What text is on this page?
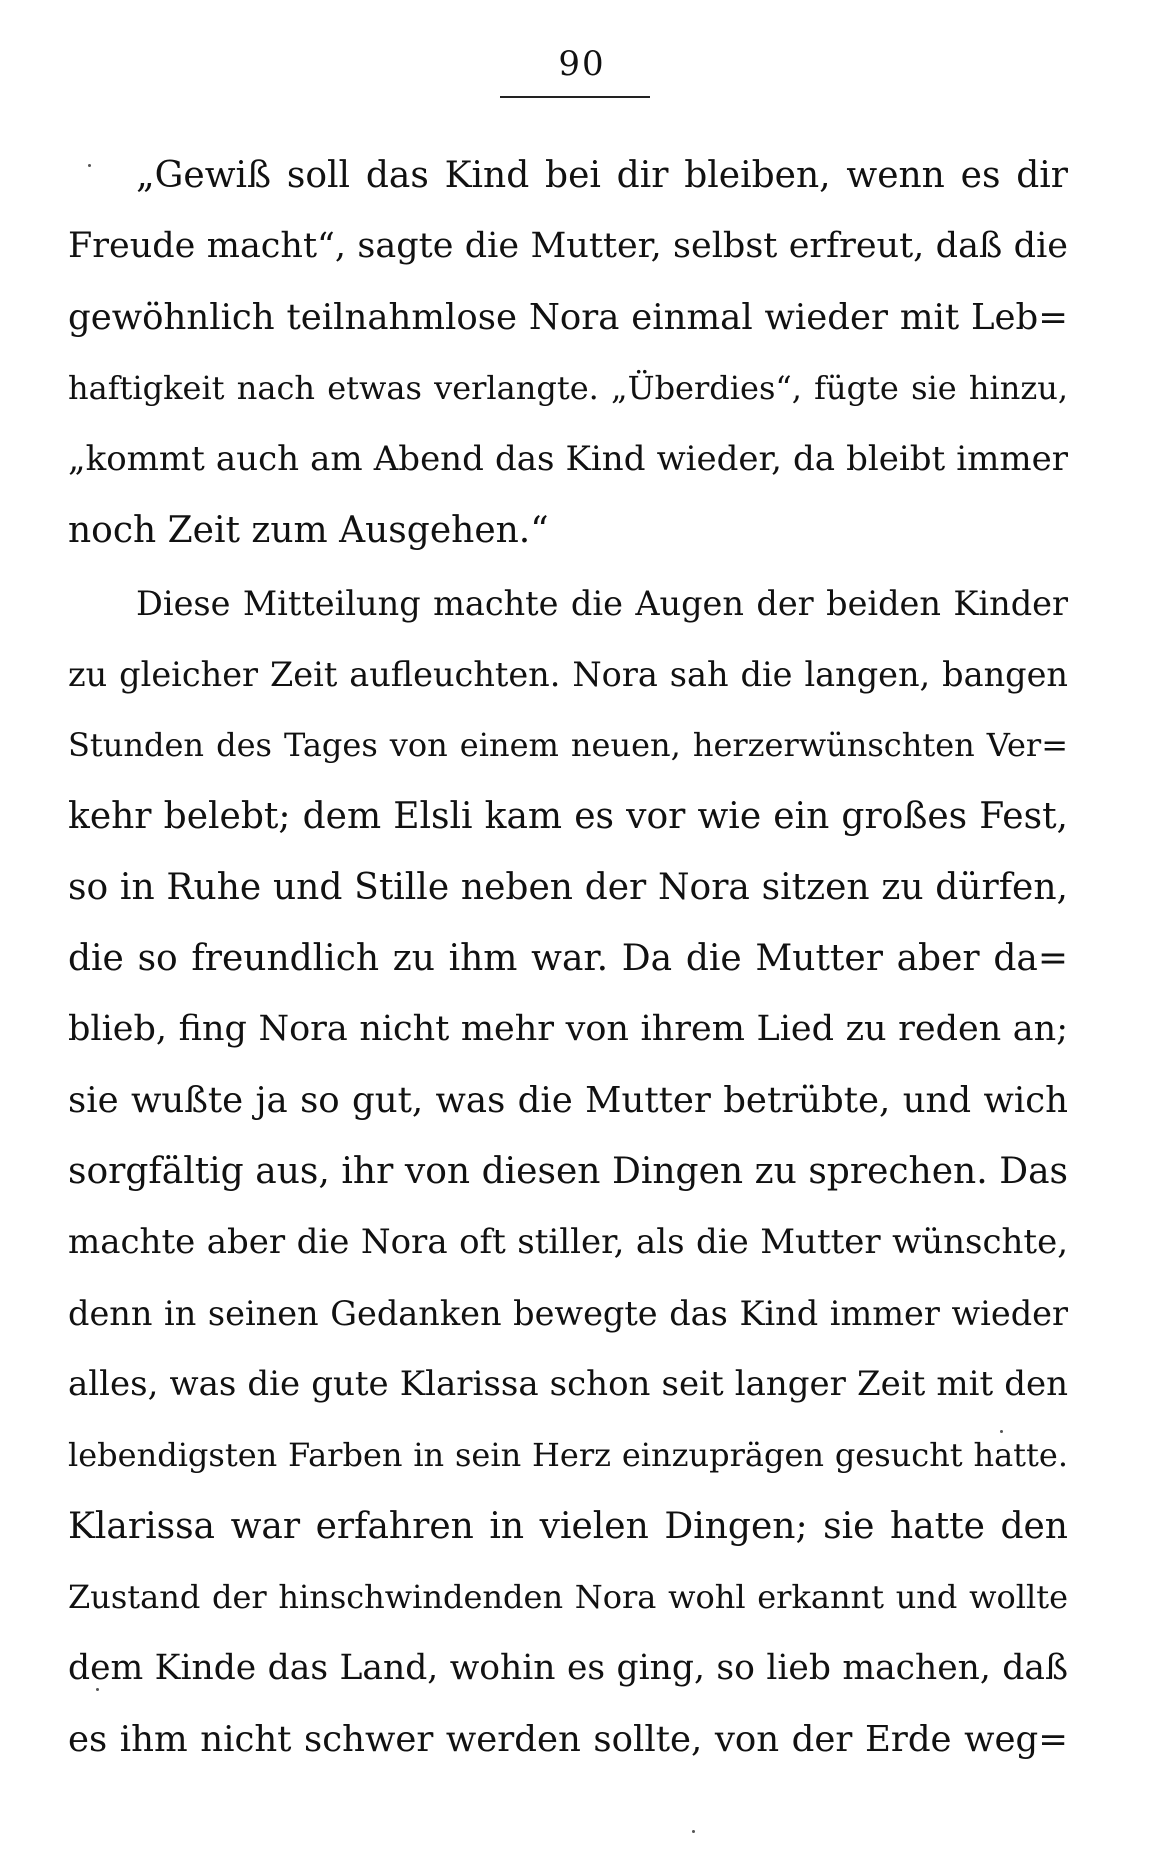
90
„Gewiß soll das Kind bei dir bleiben, wenn es dir
Freude macht“, sagte die Mutter, selbst erfreut, daß die
gewöhnlich teilnahmlose Nora einmal wieder mit Leb=
haftigkeit nach etwas verlangte. „Überdies“, fügte sie hinzu,
„kommt auch am Abend das Kind wieder, da bleibt immer
noch Zeit zum Ausgehen.“
Diese Mitteilung machte die Augen der beiden Kinder
zu gleicher Zeit aufleuchten. Nora sah die langen, bangen
Stunden des Tages von einem neuen, herzerwünschten Ver=
kehr belebt; dem Elsli kam es vor wie ein großes Fest,
so in Ruhe und Stille neben der Nora sitzen zu dürfen,
die so freundlich zu ihm war. Da die Mutter aber da=
blieb, fing Nora nicht mehr von ihrem Lied zu reden an;
sie wußte ja so gut, was die Mutter betrübte, und wich
sorgfältig aus, ihr von diesen Dingen zu sprechen. Das
machte aber die Nora oft stiller, als die Mutter wünschte,
denn in seinen Gedanken bewegte das Kind immer wieder
alles, was die gute Klarissa schon seit langer Zeit mit den
lebendigsten Farben in sein Herz einzuprägen gesucht hatte.
Klarissa war erfahren in vielen Dingen; sie hatte den
Zustand der hinschwindenden Nora wohl erkannt und wollte
dem Kinde das Land, wohin es ging, so lieb machen, daß
es ihm nicht schwer werden sollte, von der Erde weg=
